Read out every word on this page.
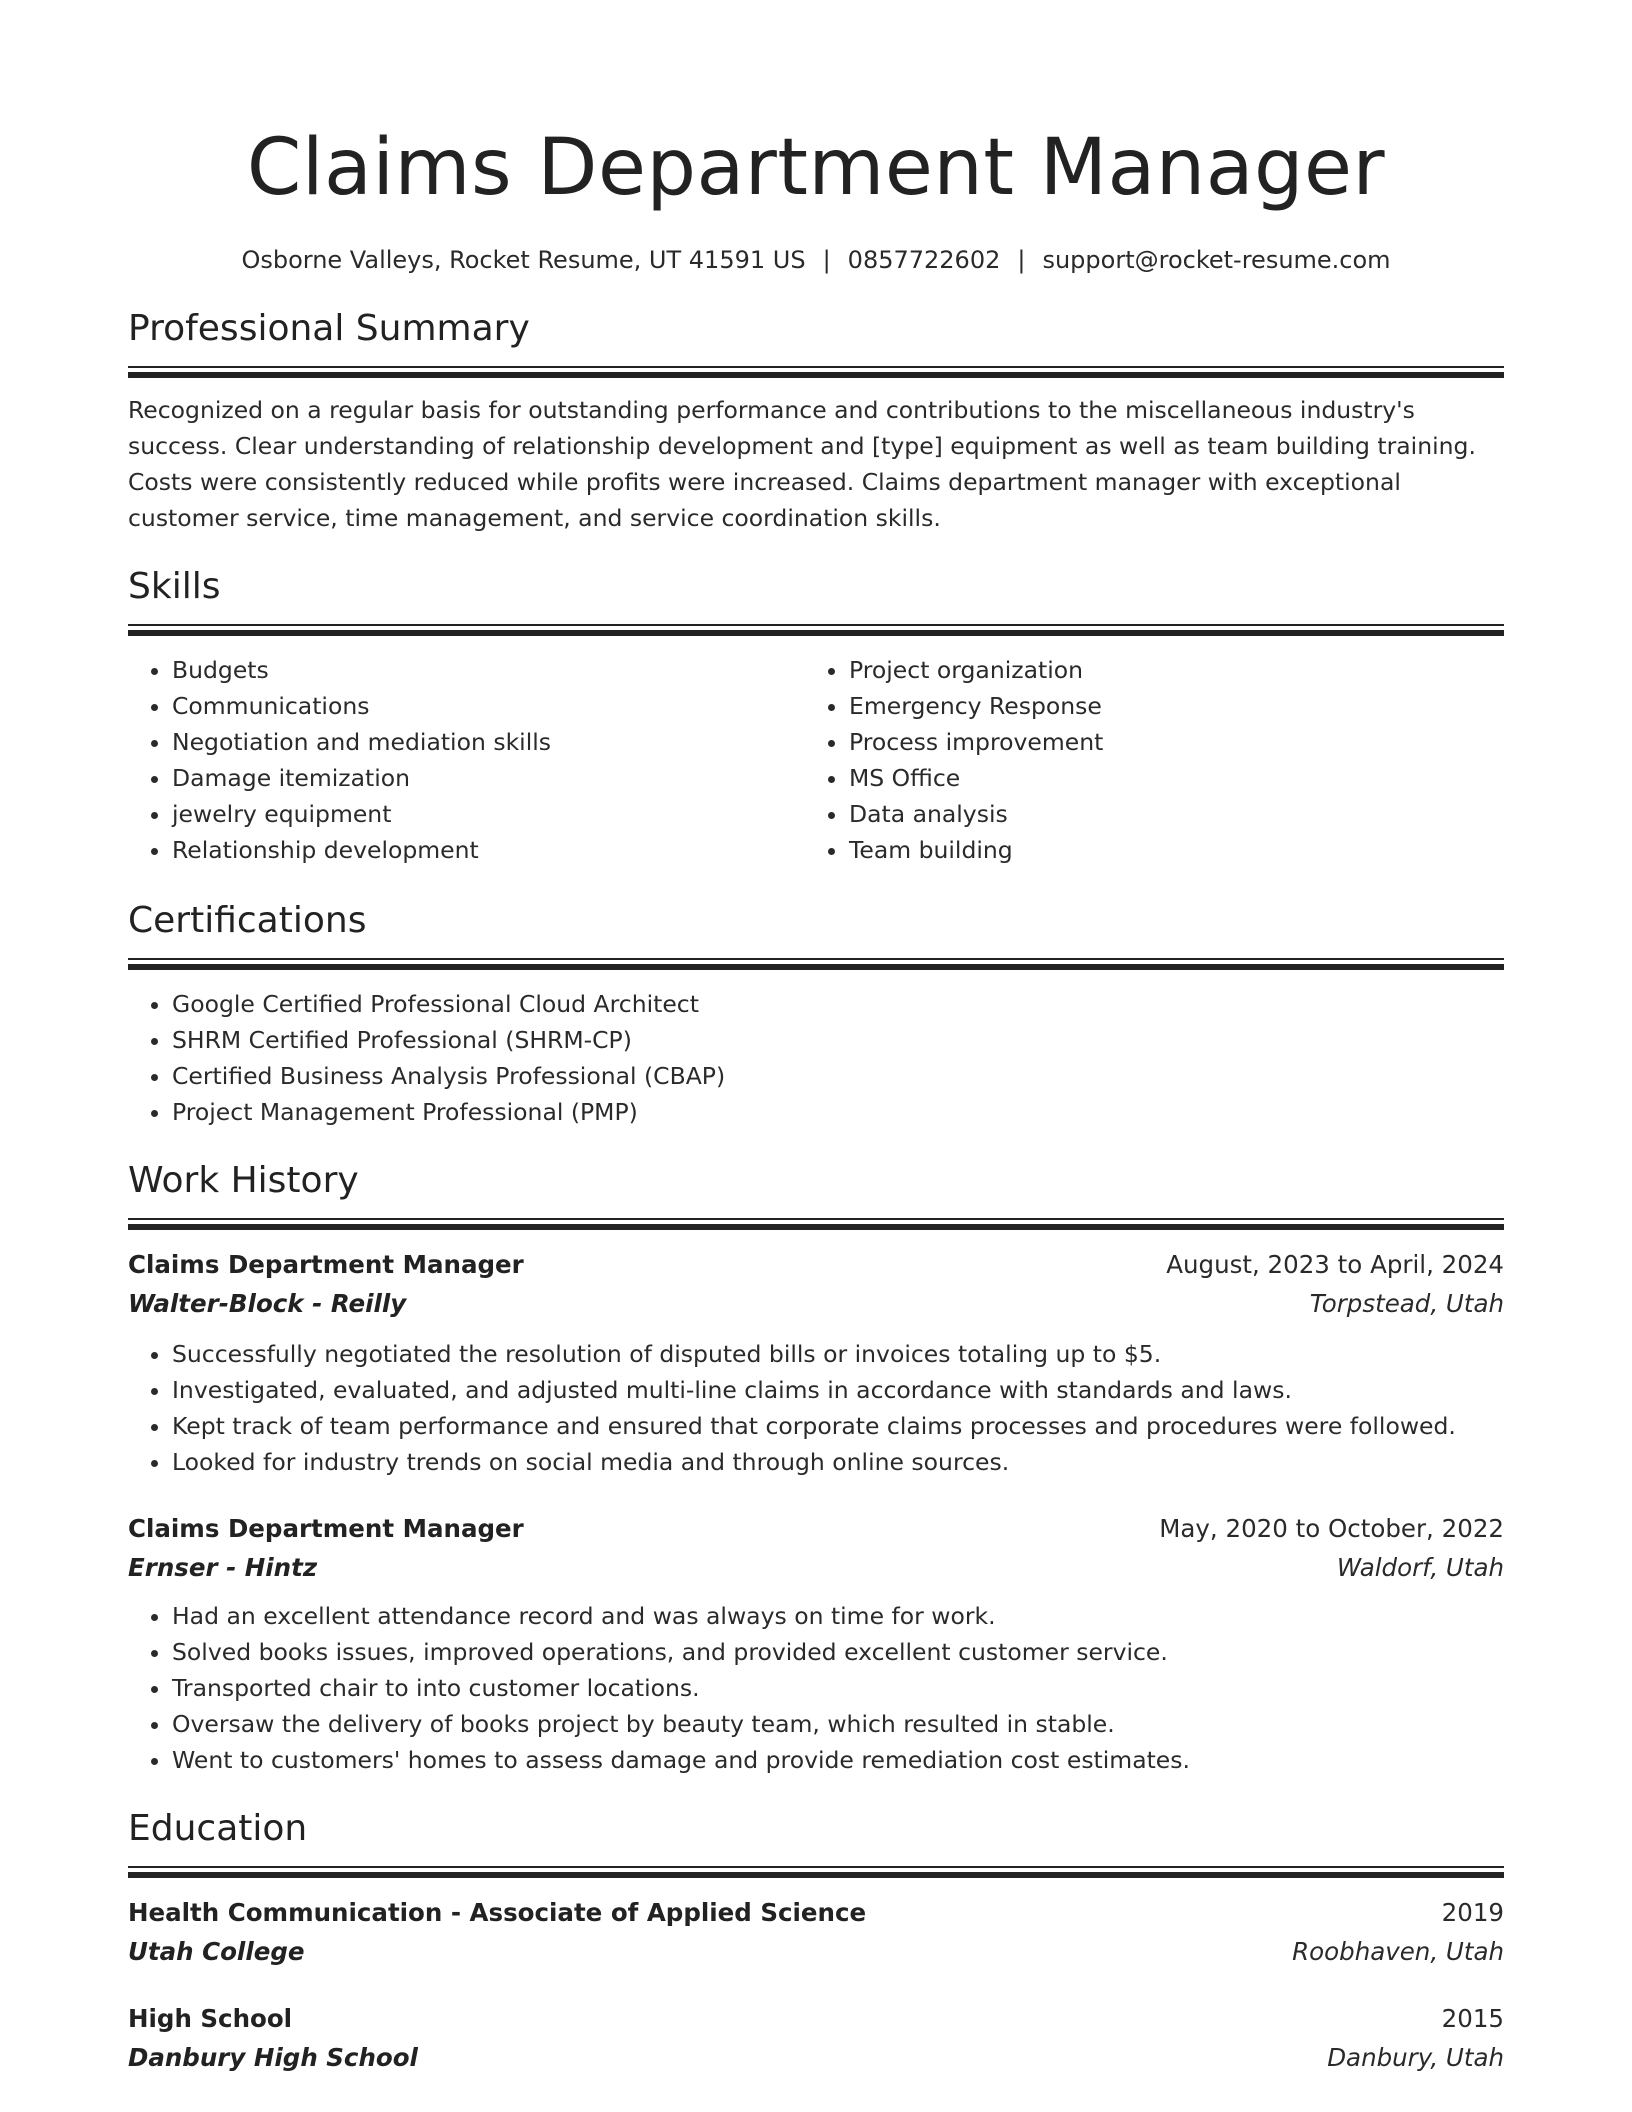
Claims Department Manager
Osborne Valleys, Rocket Resume, UT 41591 US | 0857722602 | support@rocket-resume.com
Professional Summary
Recognized on a regular basis for outstanding performance and contributions to the miscellaneous industry's success. Clear understanding of relationship development and [type] equipment as well as team building training. Costs were consistently reduced while profits were increased. Claims department manager with exceptional customer service, time management, and service coordination skills.
Skills
• Budgets
• Communications
• Negotiation and mediation skills
• Damage itemization
• jewelry equipment
• Relationship development
• Project organization
• Emergency Response
• Process improvement
• MS Office
• Data analysis
• Team building
Certifications
• Google Certified Professional Cloud Architect
• SHRM Certified Professional (SHRM-CP)
• Certified Business Analysis Professional (CBAP)
• Project Management Professional (PMP)
Work History
Claims Department Manager	August, 2023 to April, 2024
Walter-Block - Reilly	Torpstead, Utah
• Successfully negotiated the resolution of disputed bills or invoices totaling up to $5.
• Investigated, evaluated, and adjusted multi-line claims in accordance with standards and laws.
• Kept track of team performance and ensured that corporate claims processes and procedures were followed.
• Looked for industry trends on social media and through online sources.
Claims Department Manager	May, 2020 to October, 2022
Ernser - Hintz	Waldorf, Utah
• Had an excellent attendance record and was always on time for work.
• Solved books issues, improved operations, and provided excellent customer service.
• Transported chair to into customer locations.
• Oversaw the delivery of books project by beauty team, which resulted in stable.
• Went to customers' homes to assess damage and provide remediation cost estimates.
Education
Health Communication - Associate of Applied Science	2019
Utah College	Roobhaven, Utah
High School	2015
Danbury High School	Danbury, Utah
